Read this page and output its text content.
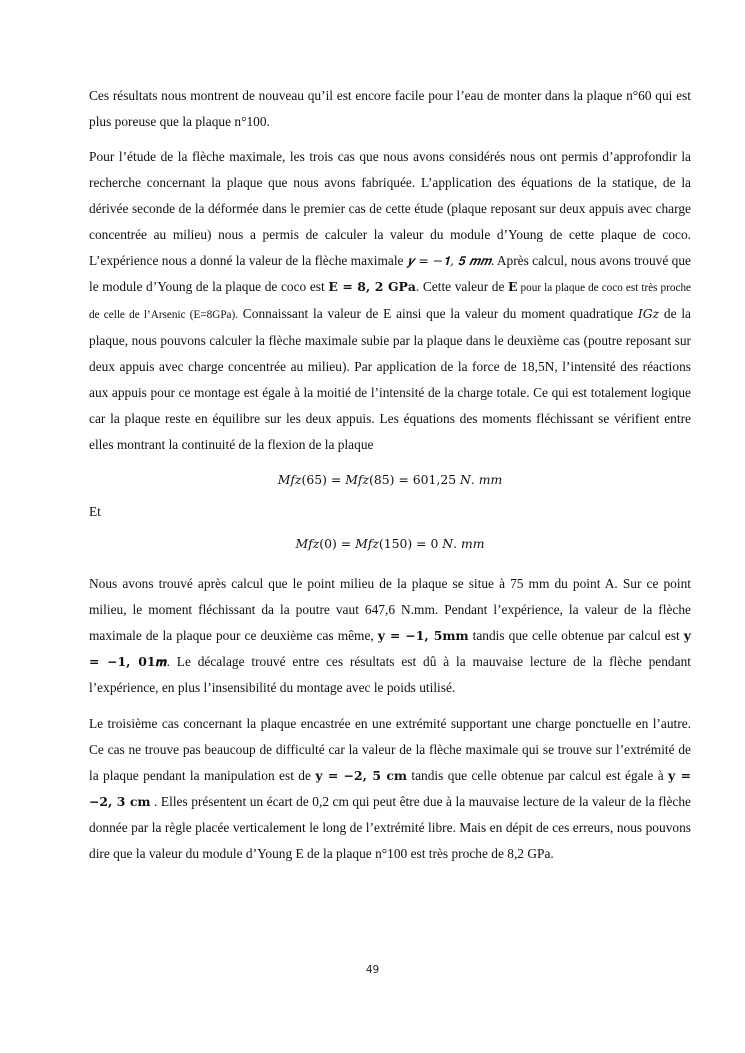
Ces résultats nous montrent de nouveau qu’il est encore facile pour l’eau de monter dans la plaque n°60 qui est plus poreuse que la plaque n°100.

Pour l’étude de la flèche maximale, les trois cas que nous avons considérés nous ont permis d’approfondir la recherche concernant la plaque que nous avons fabriquée. L’application des équations de la statique, de la dérivée seconde de la déformée dans le premier cas de cette étude (plaque reposant sur deux appuis avec charge concentrée au milieu) nous a permis de calculer la valeur du module d’Young de cette plaque de coco. L’expérience nous a donné la valeur de la flèche maximale 𝒚 = −𝟏, 𝟓 𝒎𝒎. Après calcul, nous avons trouvé que le module d’Young de la plaque de coco est 𝐄 = 𝟖, 𝟐 𝐆𝐏𝐚. Cette valeur de 𝐄 pour la plaque de coco est très proche de celle de l’Arsenic (E=8GPa). Connaissant la valeur de E ainsi que la valeur du moment quadratique 𝐼𝐺𝑧 de la plaque, nous pouvons calculer la flèche maximale subie par la plaque dans le deuxième cas (poutre reposant sur deux appuis avec charge concentrée au milieu). Par application de la force de 18,5N, l’intensité des réactions aux appuis pour ce montage est égale à la moitié de l’intensité de la charge totale. Ce qui est totalement logique car la plaque reste en équilibre sur les deux appuis. Les équations des moments fléchissant se vérifient entre elles montrant la continuité de la flexion de la plaque

𝑀𝑓𝑧(65) = 𝑀𝑓𝑧(85) = 601,25 𝑁. 𝑚𝑚
Et
𝑀𝑓𝑧(0) = 𝑀𝑓𝑧(150) = 0 𝑁. 𝑚𝑚

Nous avons trouvé après calcul que le point milieu de la plaque se situe à 75 mm du point A. Sur ce point milieu, le moment fléchissant da la poutre vaut 647,6 N.mm. Pendant l’expérience, la valeur de la flèche maximale de la plaque pour ce deuxième cas même, 𝐲 = −𝟏, 𝟓𝐦𝐦 tandis que celle obtenue par calcul est 𝐲 = −𝟏, 𝟎𝟏𝒎. Le décalage trouvé entre ces résultats est dû à la mauvaise lecture de la flèche pendant l’expérience, en plus l’insensibilité du montage avec le poids utilisé.

Le troisième cas concernant la plaque encastrée en une extrémité supportant une charge ponctuelle en l’autre. Ce cas ne trouve pas beaucoup de difficulté car la valeur de la flèche maximale qui se trouve sur l’extrémité de la plaque pendant la manipulation est de 𝐲 = −𝟐, 𝟓 𝐜𝐦 tandis que celle obtenue par calcul est égale à 𝐲 = −𝟐, 𝟑 𝐜𝐦 . Elles présentent un écart de 0,2 cm qui peut être due à la mauvaise lecture de la valeur de la flèche donnée par la règle placée verticalement le long de l’extrémité libre. Mais en dépit de ces erreurs, nous pouvons dire que la valeur du module d’Young E de la plaque n°100 est très proche de 8,2 GPa.

49
